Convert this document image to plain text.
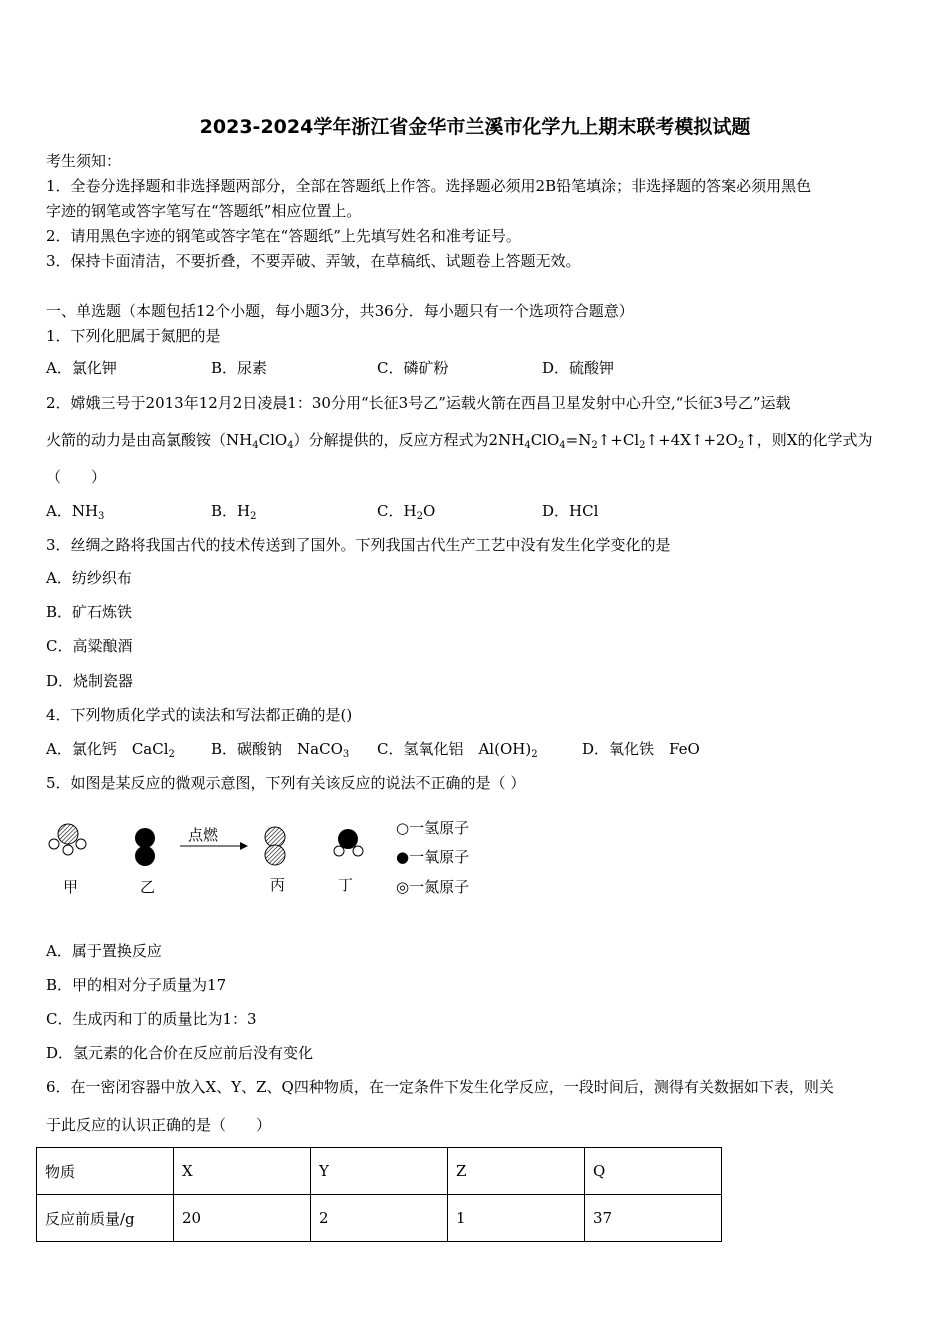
2023-2024学年浙江省金华市兰溪市化学九上期末联考模拟试题
考生须知：
1．全卷分选择题和非选择题两部分，全部在答题纸上作答。选择题必须用2B铅笔填涂；非选择题的答案必须用黑色
字迹的钢笔或答字笔写在“答题纸”相应位置上。
2．请用黑色字迹的钢笔或答字笔在“答题纸”上先填写姓名和准考证号。
3．保持卡面清洁，不要折叠，不要弄破、弄皱，在草稿纸、试题卷上答题无效。
一、单选题（本题包括12个小题，每小题3分，共36分．每小题只有一个选项符合题意）
1．下列化肥属于氮肥的是
A．氯化钾	B．尿素	C．磷矿粉	D．硫酸钾
2．嫦娥三号于2013年12月2日凌晨1：30分用“长征3号乙”运载火箭在西昌卫星发射中心升空,“长征3号乙”运载
火箭的动力是由高氯酸铵$(NH_4ClO_4)$分解提供的，反应方程式为$2NH_4ClO_4=N_2↑+Cl_2↑+4X↑+2O_2↑$，则X的化学式为
（　　）
A．$NH_3$	B．$H_2$	C．$H_2O$	D．HCl
3．丝绸之路将我国古代的技术传送到了国外。下列我国古代生产工艺中没有发生化学变化的是
A．纺纱织布
B．矿石炼铁
C．高粱酿酒
D．烧制瓷器
4．下列物质化学式的读法和写法都正确的是()
A．氯化钙　CaCl$_2$ B．碳酸钠　NaCO$_3$ C．氢氧化铝　$Al(OH)_2$	D．氧化铁　FeO
5．如图是某反应的微观示意图，下列有关该反应的说法不正确的是（ ）
点燃
甲	乙	丙	丁
○一氢原子
●一氧原子
◎一氮原子
A．属于置换反应
B．甲的相对分子质量为17
C．生成丙和丁的质量比为1：3
D．氢元素的化合价在反应前后没有变化
6．在一密闭容器中放入X、Y、Z、Q四种物质，在一定条件下发生化学反应，一段时间后，测得有关数据如下表，则关
于此反应的认识正确的是（　　）
物质	X	Y	Z	Q
反应前质量/g	20	2	1	37
